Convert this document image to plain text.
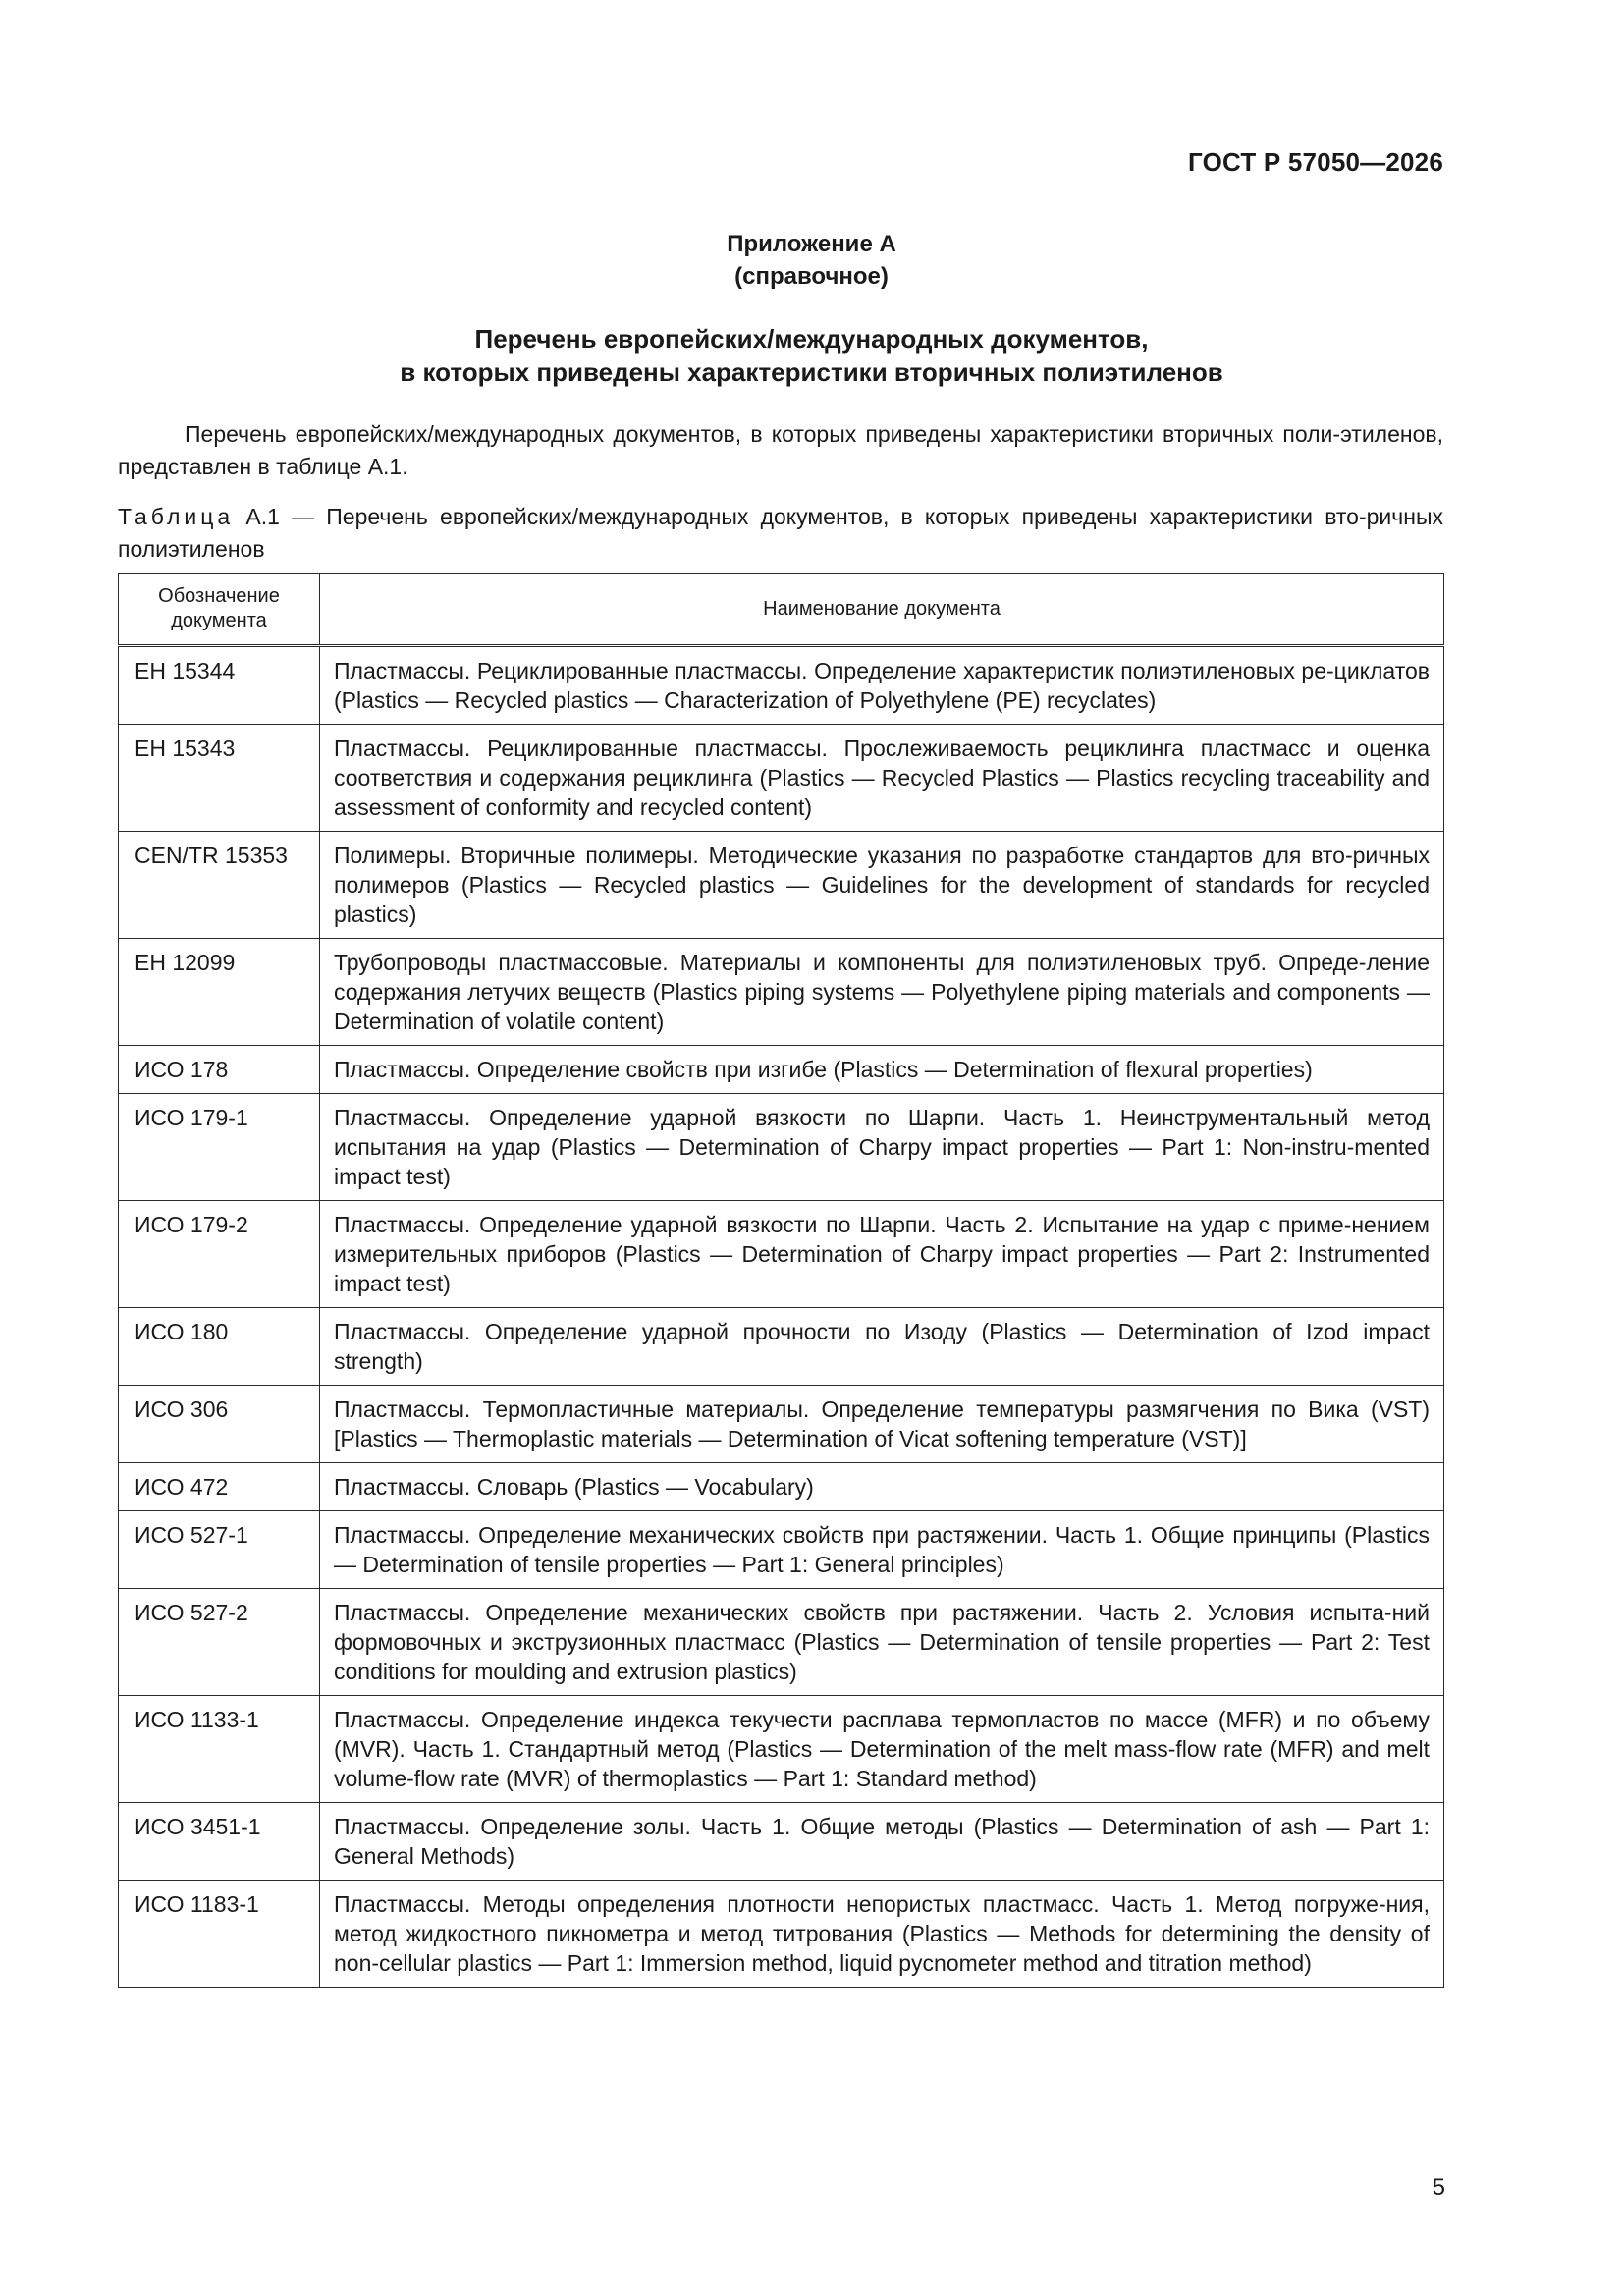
ГОСТ Р 57050—2026
Приложение А
(справочное)
Перечень европейских/международных документов,
в которых приведены характеристики вторичных полиэтиленов
Перечень европейских/международных документов, в которых приведены характеристики вторичных поли-этиленов, представлен в таблице А.1.
Таблица А.1 — Перечень европейских/международных документов, в которых приведены характеристики вто-ричных полиэтиленов
Обозначение документа	Наименование документа
ЕН 15344	Пластмассы. Рециклированные пластмассы. Определение характеристик полиэтиленовых ре-циклатов (Plastics — Recycled plastics — Characterization of Polyethylene (PE) recyclates)
ЕН 15343	Пластмассы. Рециклированные пластмассы. Прослеживаемость рециклинга пластмасс и оценка соответствия и содержания рециклинга (Plastics — Recycled Plastics — Plastics recycling traceability and assessment of conformity and recycled content)
CEN/TR 15353	Полимеры. Вторичные полимеры. Методические указания по разработке стандартов для вто-ричных полимеров (Plastics — Recycled plastics — Guidelines for the development of standards for recycled plastics)
ЕН 12099	Трубопроводы пластмассовые. Материалы и компоненты для полиэтиленовых труб. Опреде-ление содержания летучих веществ (Plastics piping systems — Polyethylene piping materials and components — Determination of volatile content)
ИСО 178	Пластмассы. Определение свойств при изгибе (Plastics — Determination of flexural properties)
ИСО 179-1	Пластмассы. Определение ударной вязкости по Шарпи. Часть 1. Неинструментальный метод испытания на удар (Plastics — Determination of Charpy impact properties — Part 1: Non-instru-mented impact test)
ИСО 179-2	Пластмассы. Определение ударной вязкости по Шарпи. Часть 2. Испытание на удар с приме-нением измерительных приборов (Plastics — Determination of Charpy impact properties — Part 2: Instrumented impact test)
ИСО 180	Пластмассы. Определение ударной прочности по Изоду (Plastics — Determination of Izod impact strength)
ИСО 306	Пластмассы. Термопластичные материалы. Определение температуры размягчения по Вика (VST) [Plastics — Thermoplastic materials — Determination of Vicat softening temperature (VST)]
ИСО 472	Пластмассы. Словарь (Plastics — Vocabulary)
ИСО 527-1	Пластмассы. Определение механических свойств при растяжении. Часть 1. Общие принципы (Plastics — Determination of tensile properties — Part 1: General principles)
ИСО 527-2	Пластмассы. Определение механических свойств при растяжении. Часть 2. Условия испыта-ний формовочных и экструзионных пластмасс (Plastics — Determination of tensile properties — Part 2: Test conditions for moulding and extrusion plastics)
ИСО 1133-1	Пластмассы. Определение индекса текучести расплава термопластов по массе (MFR) и по объему (MVR). Часть 1. Стандартный метод (Plastics — Determination of the melt mass-flow rate (MFR) and melt volume-flow rate (MVR) of thermoplastics — Part 1: Standard method)
ИСО 3451-1	Пластмассы. Определение золы. Часть 1. Общие методы (Plastics — Determination of ash — Part 1: General Methods)
ИСО 1183-1	Пластмассы. Методы определения плотности непористых пластмасс. Часть 1. Метод погруже-ния, метод жидкостного пикнометра и метод титрования (Plastics — Methods for determining the density of non-cellular plastics — Part 1: Immersion method, liquid pycnometer method and titration method)
5
